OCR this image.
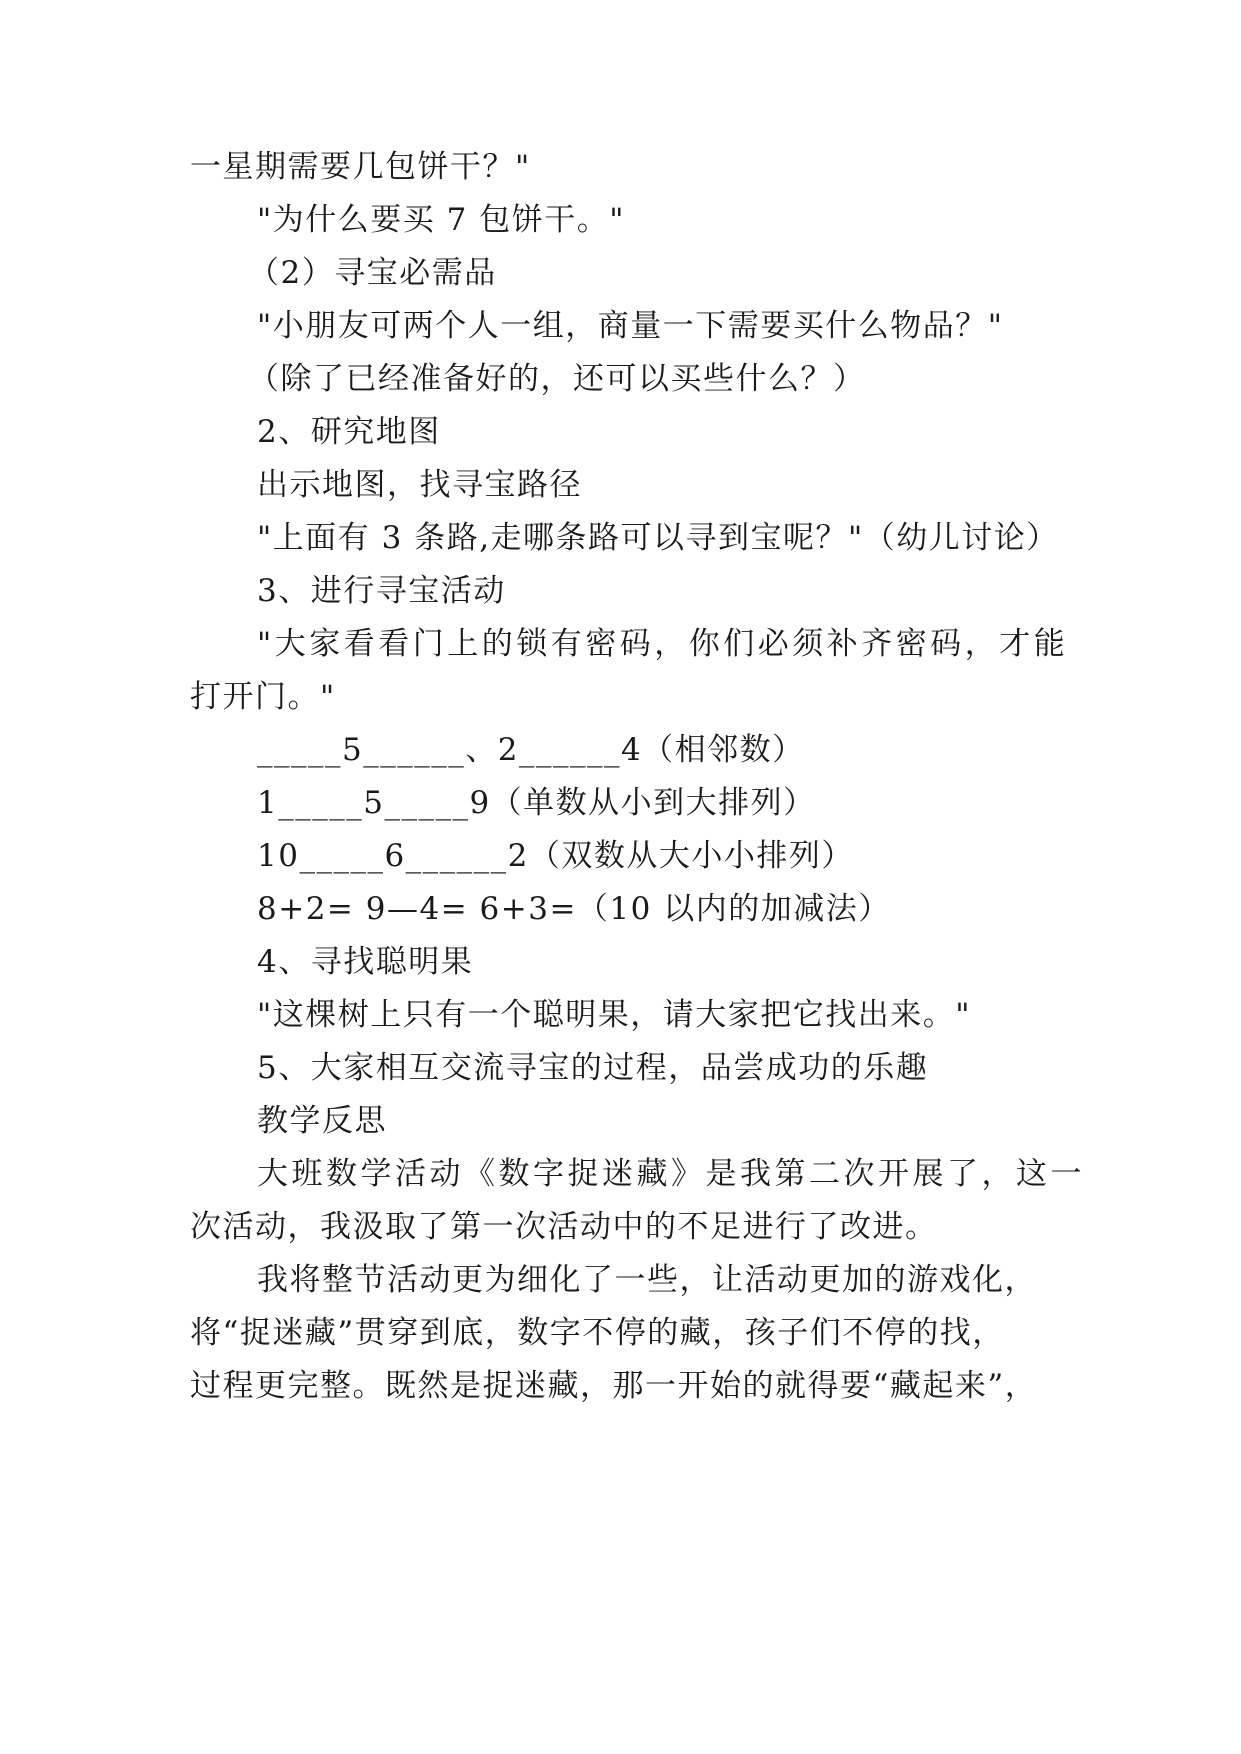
一星期需要几包饼干？"
"为什么要买 7 包饼干。"
（2）寻宝必需品
"小朋友可两个人一组，商量一下需要买什么物品？"
（除了已经准备好的，还可以买些什么？）
2、研究地图
出示地图，找寻宝路径
"上面有 3 条路,走哪条路可以寻到宝呢？"（幼儿讨论）
3、进行寻宝活动
"大家看看门上的锁有密码，你们必须补齐密码，才能
打开门。"
_____5______、2______4（相邻数）
1_____5_____9（单数从小到大排列）
10_____6______2（双数从大小小排列）
8+2= 9—4= 6+3=（10 以内的加减法）
4、寻找聪明果
"这棵树上只有一个聪明果，请大家把它找出来。"
5、大家相互交流寻宝的过程，品尝成功的乐趣
教学反思
大班数学活动《数字捉迷藏》是我第二次开展了，这一
次活动，我汲取了第一次活动中的不足进行了改进。
我将整节活动更为细化了一些，让活动更加的游戏化，
将“捉迷藏”贯穿到底，数字不停的藏，孩子们不停的找，
过程更完整。既然是捉迷藏，那一开始的就得要“藏起来”，
